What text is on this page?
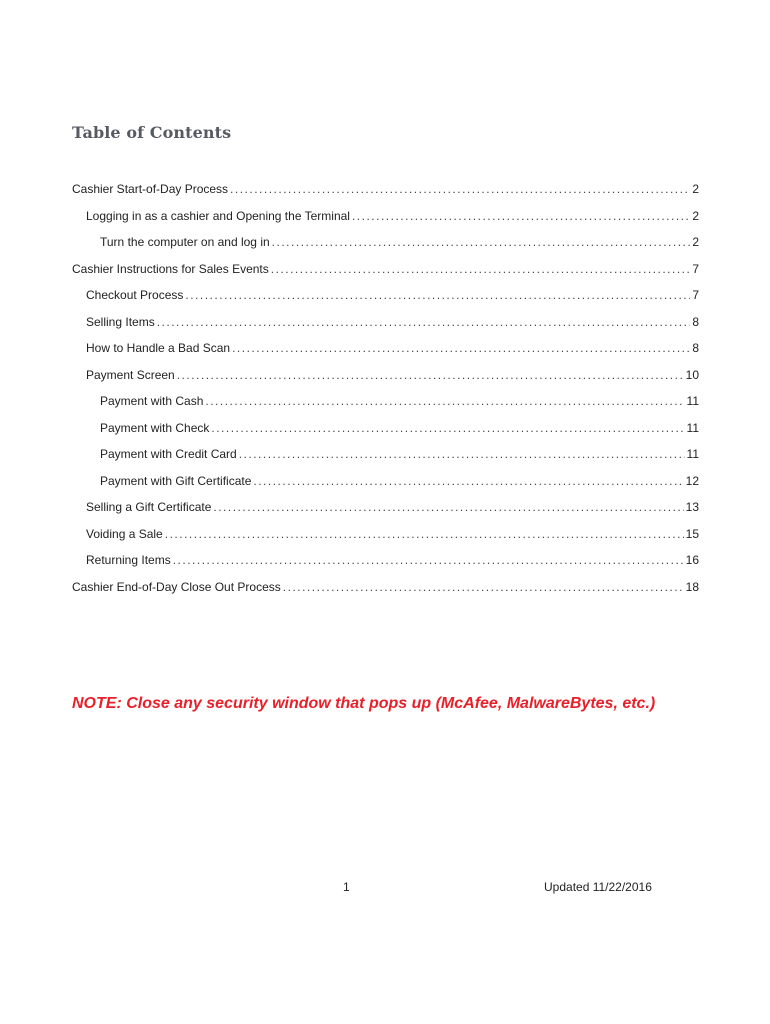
Table of Contents
Cashier Start-of-Day Process .....	2
Logging in as a cashier and Opening the Terminal .....	2
Turn the computer on and log in .....	2
Cashier Instructions for Sales Events .....	7
Checkout Process .....	7
Selling Items .....	8
How to Handle a Bad Scan .....	8
Payment Screen .....	10
Payment with Cash .....	11
Payment with Check .....	11
Payment with Credit Card .....	11
Payment with Gift Certificate .....	12
Selling a Gift Certificate .....	13
Voiding a Sale .....	15
Returning Items .....	16
Cashier End-of-Day Close Out Process .....	18

NOTE: Close any security window that pops up (McAfee, MalwareBytes, etc.)

1	Updated 11/22/2016
